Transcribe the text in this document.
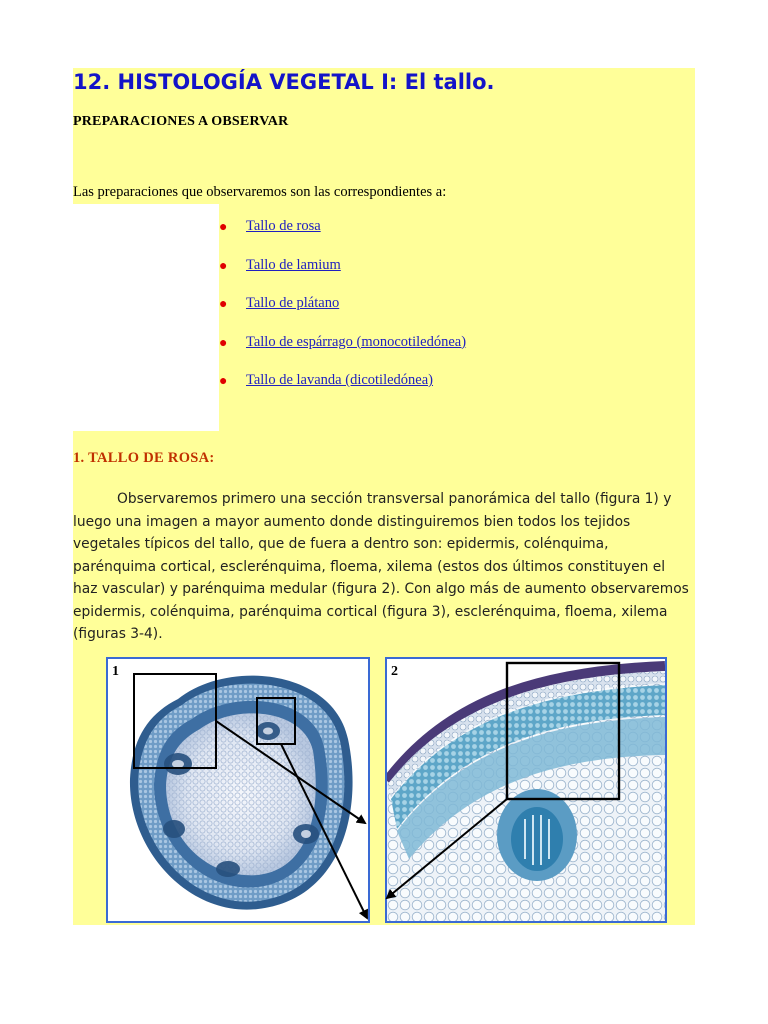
12. HISTOLOGÍA VEGETAL I: El tallo.

PREPARACIONES A OBSERVAR

Las preparaciones que observaremos son las correspondientes a:

● Tallo de rosa
● Tallo de lamium
● Tallo de plátano
● Tallo de espárrago (monocotiledónea)
● Tallo de lavanda (dicotiledónea)

1. TALLO DE ROSA:

Observaremos primero una sección transversal panorámica del tallo (figura 1) y luego una imagen a mayor aumento donde distinguiremos bien todos los tejidos vegetales típicos del tallo, que de fuera a dentro son: epidermis, colénquima, parénquima cortical, esclerénquima, floema, xilema (estos dos últimos constituyen el haz vascular) y parénquima medular (figura 2). Con algo más de aumento observaremos epidermis, colénquima, parénquima cortical (figura 3), esclerénquima, floema, xilema (figuras 3-4).

1	2
